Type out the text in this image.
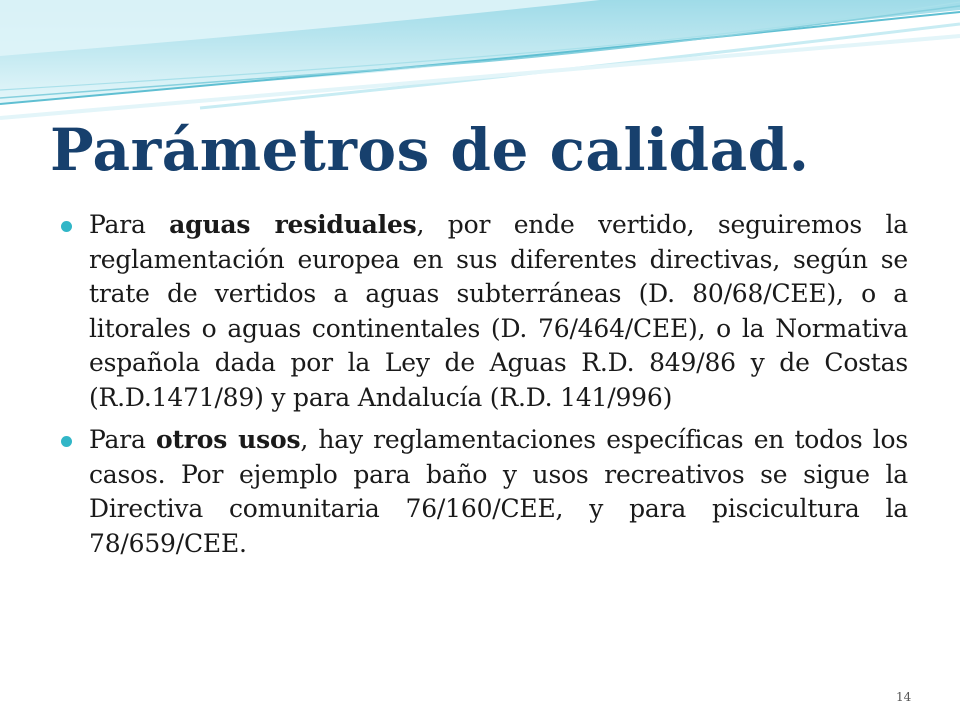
Parámetros de calidad.
Para aguas residuales, por ende vertido, seguiremos la reglamentación europea en sus diferentes directivas, según se trate de vertidos a aguas subterráneas (D. 80/68/CEE), o a litorales o aguas continentales (D. 76/464/CEE), o la Normativa española dada por la Ley de Aguas R.D. 849/86 y de Costas (R.D.1471/89) y para Andalucía (R.D. 141/996)
Para otros usos, hay reglamentaciones específicas en todos los casos. Por ejemplo para baño y usos recreativos se sigue la Directiva comunitaria 76/160/CEE, y para piscicultura la 78/659/CEE.
14
